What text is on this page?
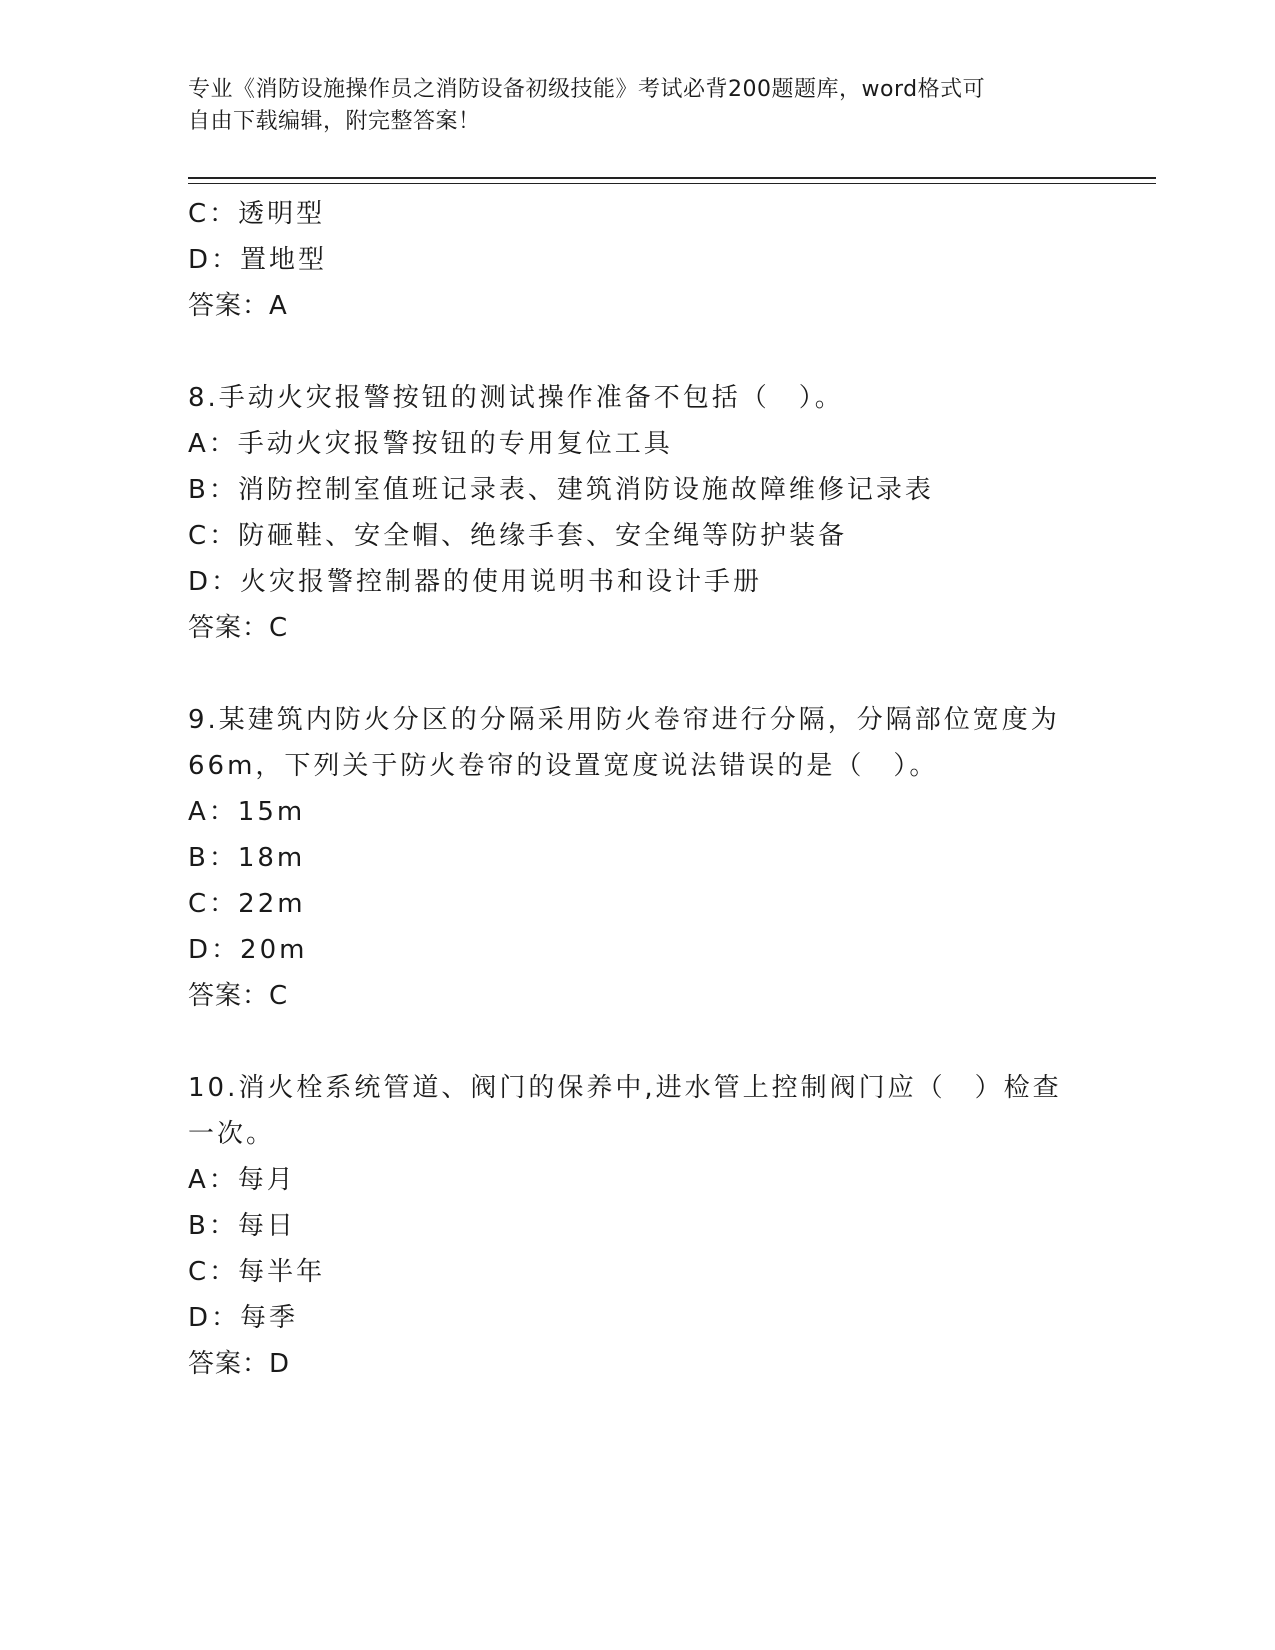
专业《消防设施操作员之消防设备初级技能》考试必背200题题库，word格式可
自由下载编辑，附完整答案！
C：透明型
D：置地型
答案：A
8.手动火灾报警按钮的测试操作准备不包括（　）。
A：手动火灾报警按钮的专用复位工具
B：消防控制室值班记录表、建筑消防设施故障维修记录表
C：防砸鞋、安全帽、绝缘手套、安全绳等防护装备
D：火灾报警控制器的使用说明书和设计手册
答案：C
9.某建筑内防火分区的分隔采用防火卷帘进行分隔，分隔部位宽度为
66m，下列关于防火卷帘的设置宽度说法错误的是（　）。
A：15m
B：18m
C：22m
D：20m
答案：C
10.消火栓系统管道、阀门的保养中,进水管上控制阀门应（　）检查
一次。
A：每月
B：每日
C：每半年
D：每季
答案：D
